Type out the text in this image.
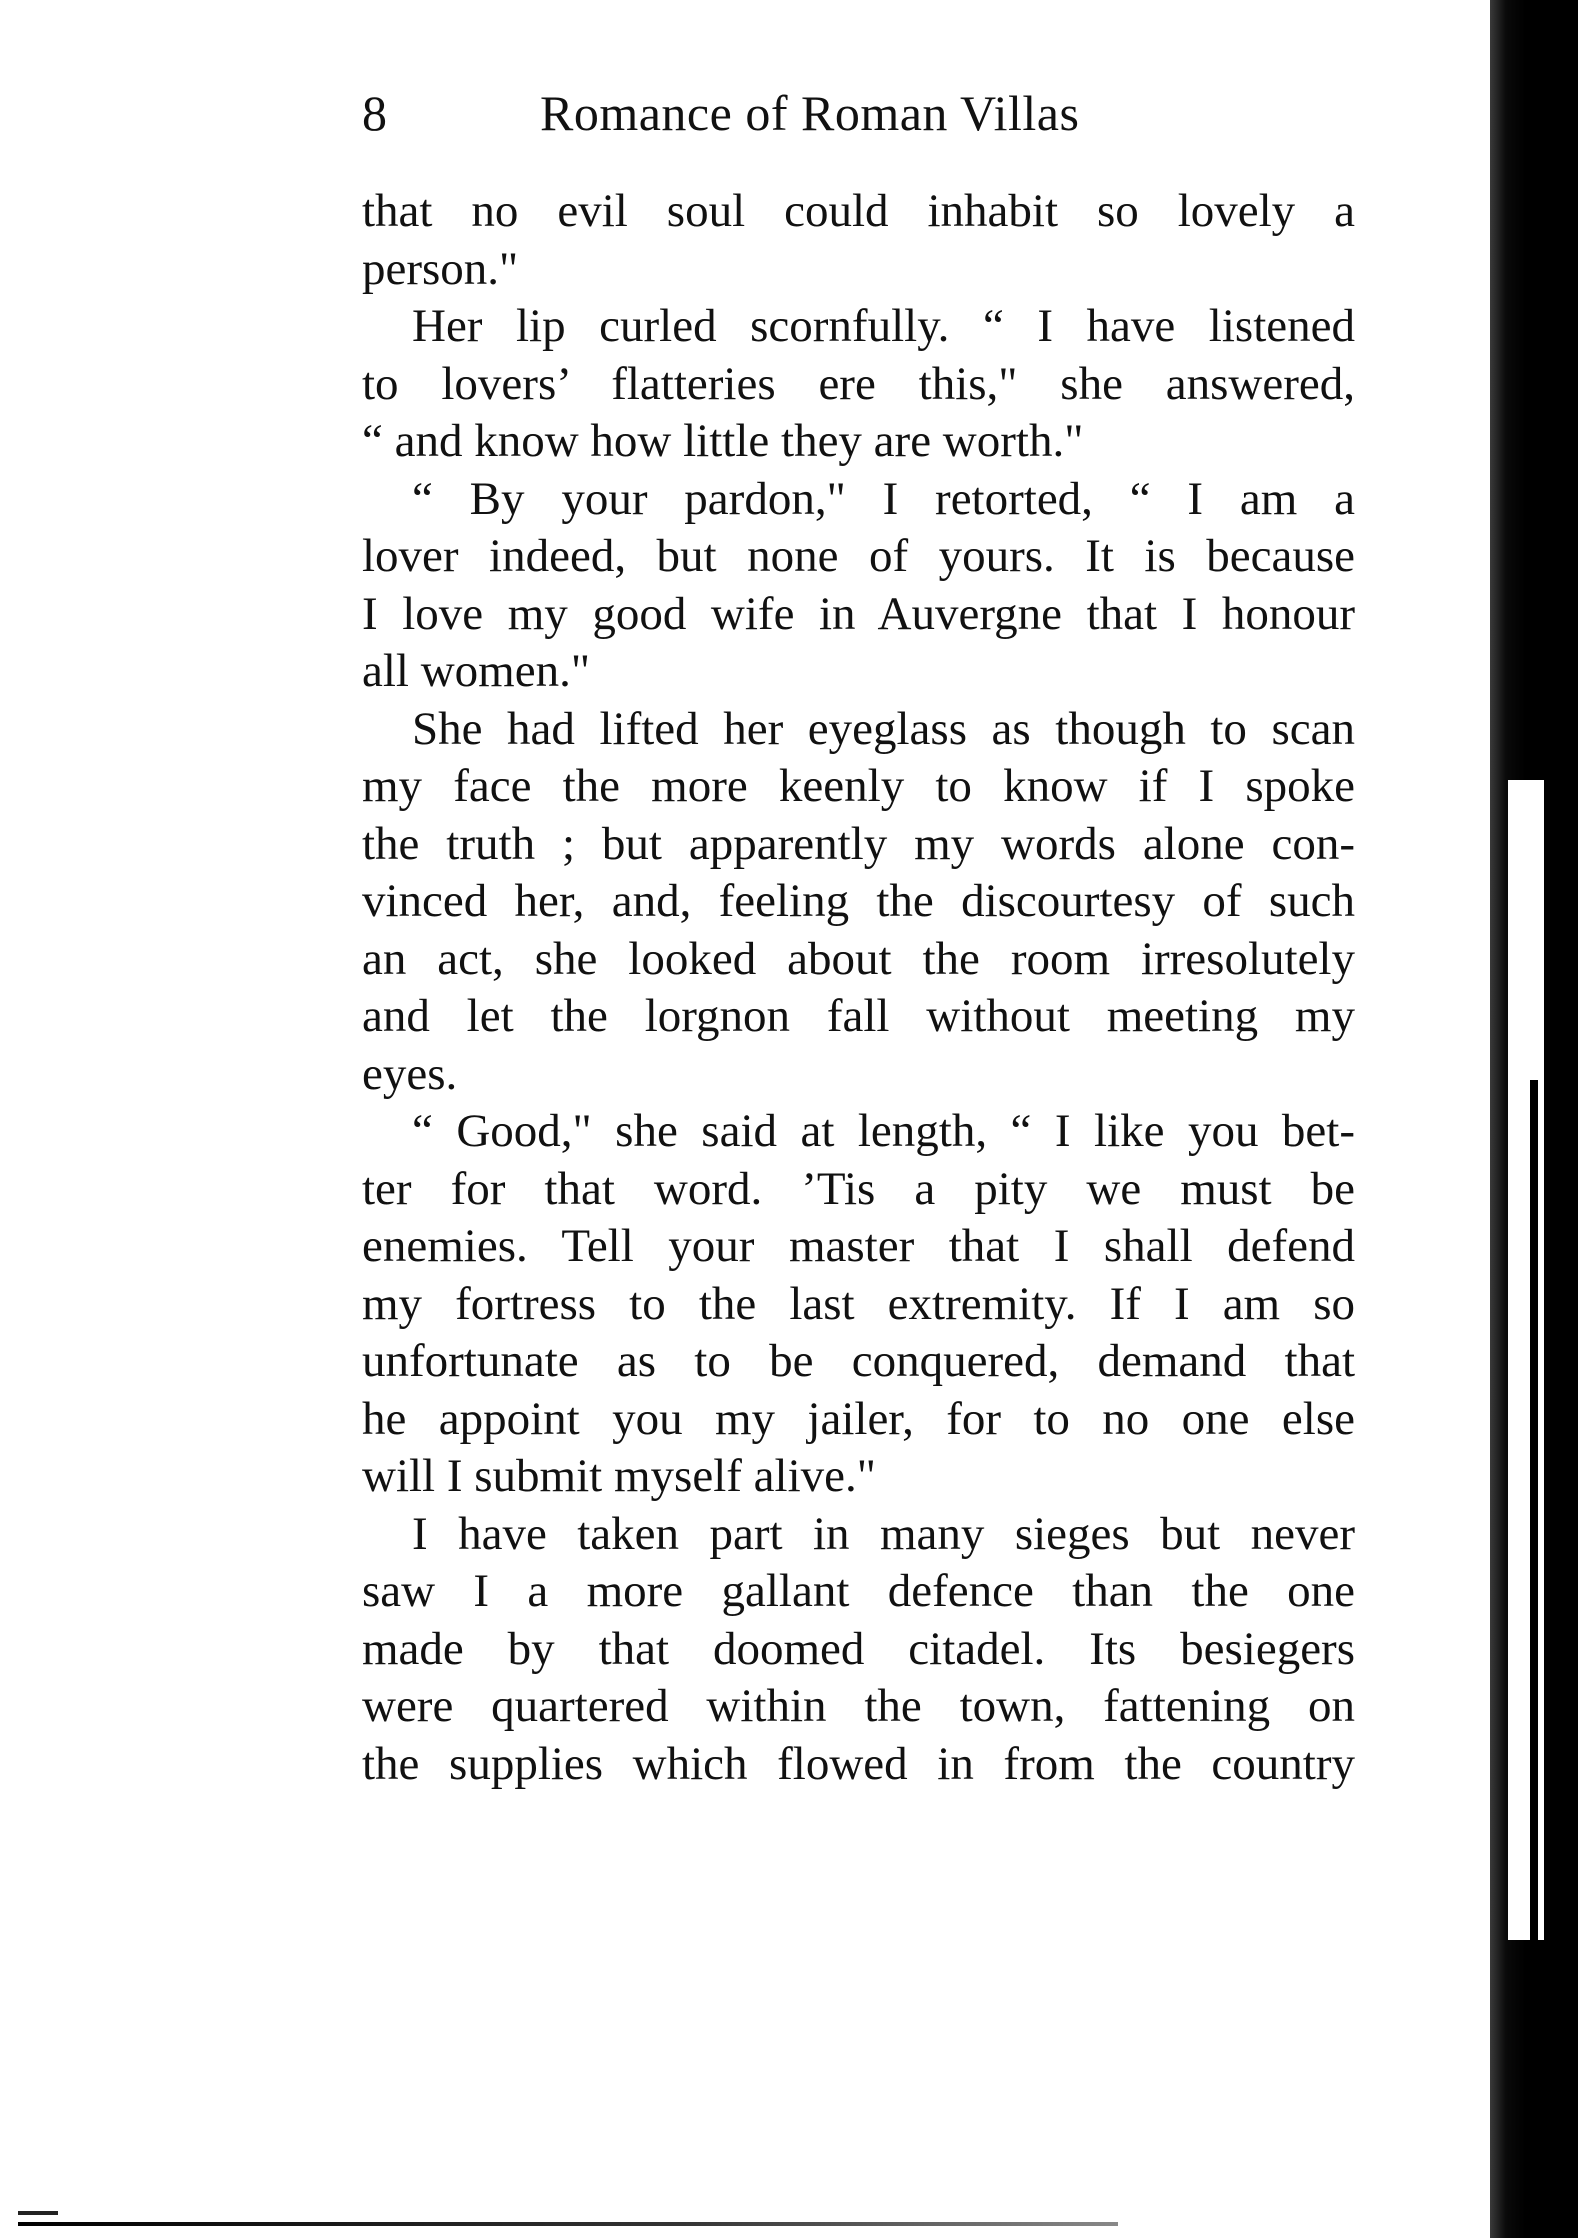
8	Romance of Roman Villas
that no evil soul could inhabit so lovely a
person."
Her lip curled scornfully. “ I have listened
to lovers’ flatteries ere this," she answered,
“ and know how little they are worth."
“ By your pardon," I retorted, “ I am a
lover indeed, but none of yours. It is because
I love my good wife in Auvergne that I honour
all women."
She had lifted her eyeglass as though to scan
my face the more keenly to know if I spoke
the truth ; but apparently my words alone con-
vinced her, and, feeling the discourtesy of such
an act, she looked about the room irresolutely
and let the lorgnon fall without meeting my
eyes.
“ Good," she said at length, “ I like you bet-
ter for that word. ’Tis a pity we must be
enemies. Tell your master that I shall defend
my fortress to the last extremity. If I am so
unfortunate as to be conquered, demand that
he appoint you my jailer, for to no one else
will I submit myself alive."
I have taken part in many sieges but never
saw I a more gallant defence than the one
made by that doomed citadel. Its besiegers
were quartered within the town, fattening on
the supplies which flowed in from the country
